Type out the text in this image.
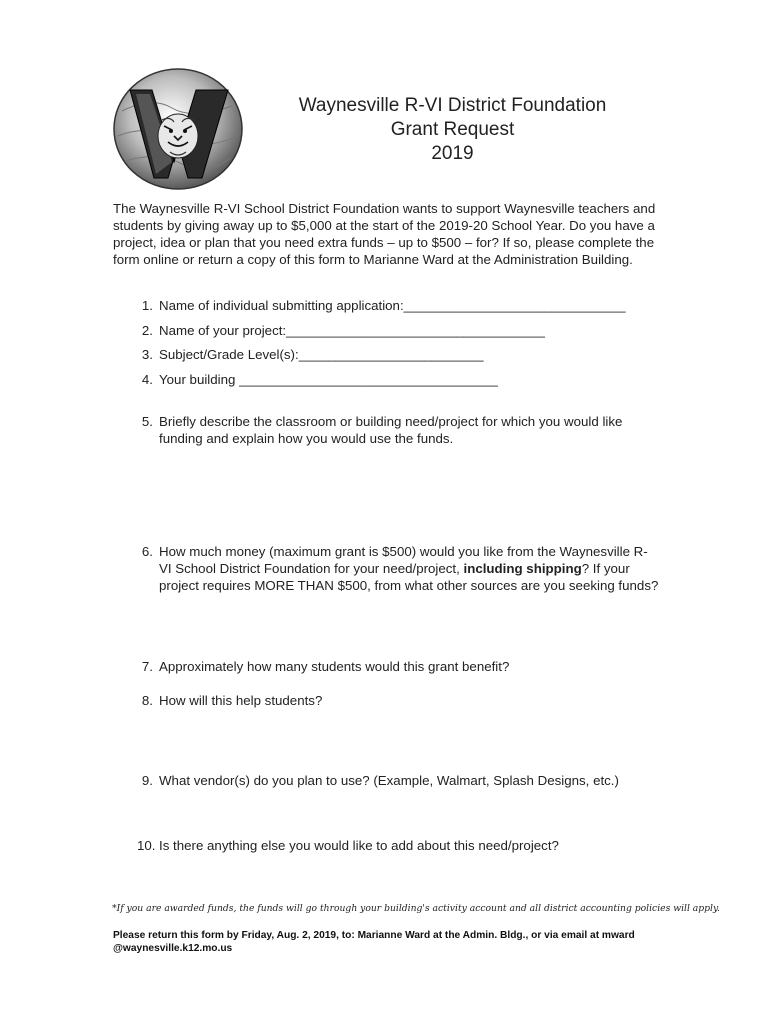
Waynesville R-VI District Foundation
Grant Request
2019
The Waynesville R-VI School District Foundation wants to support Waynesville teachers and students by giving away up to $5,000 at the start of the 2019-20 School Year. Do you have a project, idea or plan that you need extra funds – up to $500 – for? If so, please complete the form online or return a copy of this form to Marianne Ward at the Administration Building.
1. Name of individual submitting application:______________________________
2. Name of your project:___________________________________
3. Subject/Grade Level(s):_________________________
4. Your building ___________________________________
5. Briefly describe the classroom or building need/project for which you would like funding and explain how you would use the funds.
6. How much money (maximum grant is $500) would you like from the Waynesville R-VI School District Foundation for your need/project, including shipping? If your project requires MORE THAN $500, from what other sources are you seeking funds?
7. Approximately how many students would this grant benefit?
8. How will this help students?
9. What vendor(s) do you plan to use? (Example, Walmart, Splash Designs, etc.)
10. Is there anything else you would like to add about this need/project?
*If you are awarded funds, the funds will go through your building's activity account and all district accounting policies will apply.
Please return this form by Friday, Aug. 2, 2019, to: Marianne Ward at the Admin. Bldg., or via email at mward @waynesville.k12.mo.us
